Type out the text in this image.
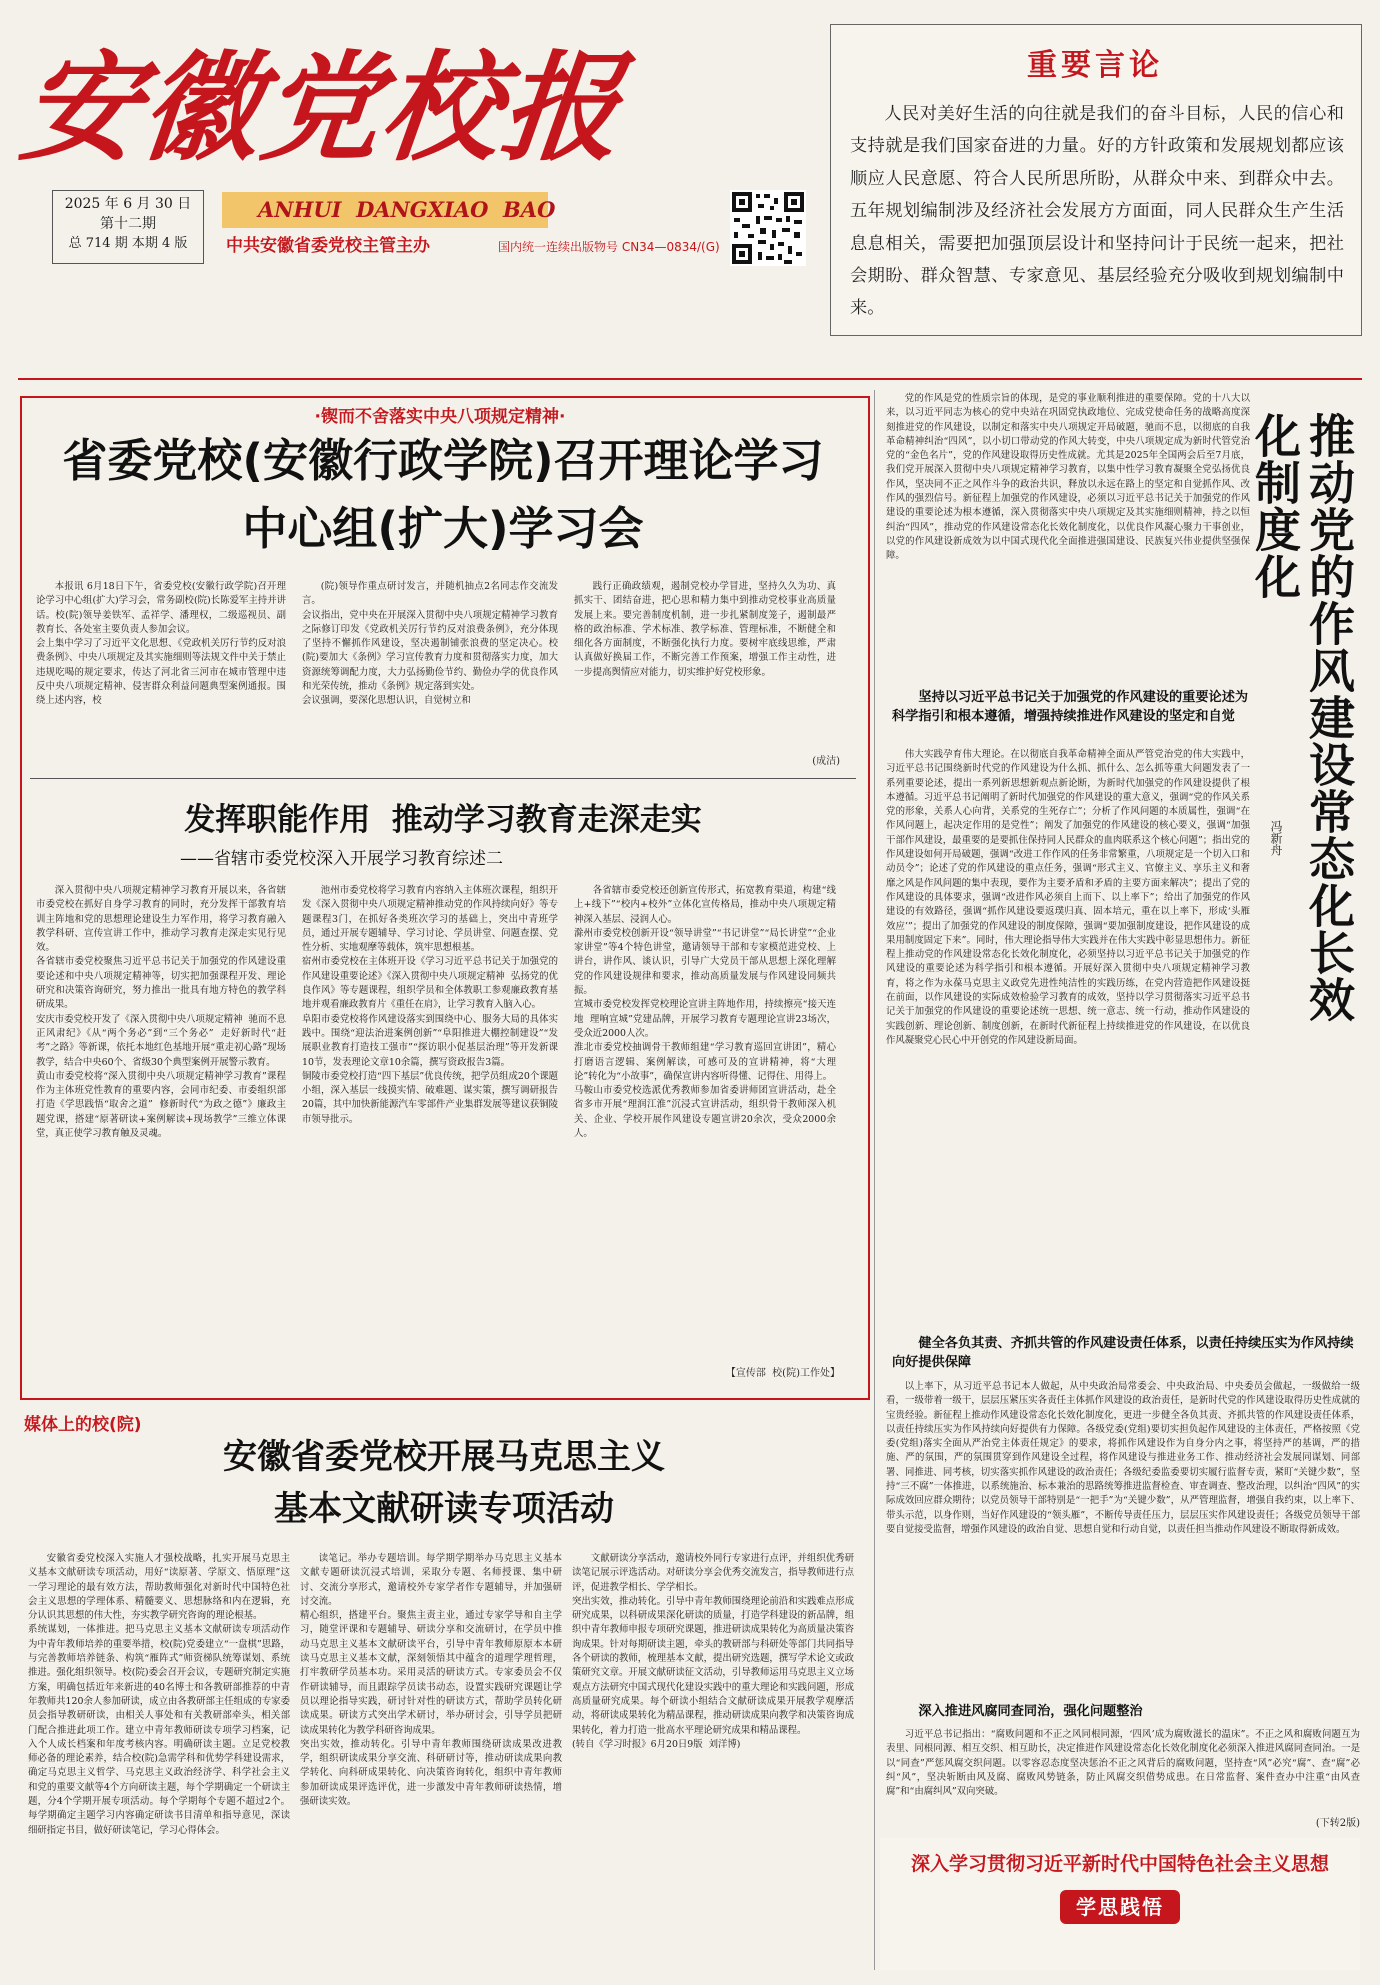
安徽党校报
2025 年 6 月 30 日
第十二期
总 714 期 本期 4 版
ANHUI  DANGXIAO  BAO
中共安徽省委党校主管主办	国内统一连续出版物号 CN34—0834/(G)
重要言论
人民对美好生活的向往就是我们的奋斗目标，人民的信心和支持就是我们国家奋进的力量。好的方针政策和发展规划都应该顺应人民意愿、符合人民所思所盼，从群众中来、到群众中去。五年规划编制涉及经济社会发展方方面面，同人民群众生产生活息息相关，需要把加强顶层设计和坚持问计于民统一起来，把社会期盼、群众智慧、专家意见、基层经验充分吸收到规划编制中来。
·锲而不舍落实中央八项规定精神·
省委党校(安徽行政学院)召开理论学习
中心组(扩大)学习会
本报讯 6月18日下午，省委党校(安徽行政学院)召开理论学习中心组(扩大)学习会，常务副校(院)长陈爱军主持并讲话。校(院)领导姜铁军、孟祥学、潘理权，二级巡视员、副教育长、各处室主要负责人参加会议。
会上集中学习了习近平文化思想、《党政机关厉行节约反对浪费条例》、中央八项规定及其实施细则等法规文件中关于禁止违规吃喝的规定要求，传达了河北省三河市在城市管理中违反中央八项规定精神、侵害群众利益问题典型案例通报。围绕上述内容，校
(院)领导作重点研讨发言，并随机抽点2名同志作交流发言。
会议指出，党中央在开展深入贯彻中央八项规定精神学习教育之际修订印发《党政机关厉行节约反对浪费条例》，充分体现了坚持不懈抓作风建设，坚决遏制铺张浪费的坚定决心。校(院)要加大《条例》学习宣传教育力度和贯彻落实力度，加大资源统筹调配力度，大力弘扬勤俭节约、勤俭办学的优良作风和光荣传统，推动《条例》规定落到实处。
会议强调，要深化思想认识，自觉树立和
践行正确政绩观，遏制党校办学冒进，坚持久久为功、真抓实干、团结奋进，把心思和精力集中到推动党校事业高质量发展上来。要完善制度机制，进一步扎紧制度笼子，遏制最严格的政治标准、学术标准、教学标准、管理标准，不断健全和细化各方面制度，不断强化执行力度。要树牢底线思维，严肃认真做好换届工作，不断完善工作预案，增强工作主动性，进一步提高舆情应对能力，切实维护好党校形象。
(成洁)
发挥职能作用  推动学习教育走深走实
——省辖市委党校深入开展学习教育综述二
深入贯彻中央八项规定精神学习教育开展以来，各省辖市委党校在抓好自身学习教育的同时，充分发挥干部教育培训主阵地和党的思想理论建设生力军作用，将学习教育融入教学科研、宣传宣讲工作中，推动学习教育走深走实见行见效。
各省辖市委党校聚焦习近平总书记关于加强党的作风建设重要论述和中央八项规定精神等，切实把加强课程开发、理论研究和决策咨询研究，努力推出一批具有地方特色的教学科研成果。
安庆市委党校开发了《深入贯彻中央八项规定精神  驰而不息正风肃纪》《从“两个务必”到“三个务必”  走好新时代“赶考”之路》等新课，依托本地红色基地开展“重走初心路”现场教学，结合中央60个、省级30个典型案例开展警示教育。
黄山市委党校将“深入贯彻中央八项规定精神学习教育”课程作为主体班党性教育的重要内容，会同市纪委、市委组织部打造《学思践悟“取舍之道”  修新时代“为政之德”》廉政主题党课，搭建“原著研读+案例解读+现场教学”三维立体课堂，真正使学习教育触及灵魂。
池州市委党校将学习教育内容纳入主体班次课程，组织开发《深入贯彻中央八项规定精神推动党的作风持续向好》等专题课程3门，在抓好各类班次学习的基础上，突出中青班学员，通过开展专题辅导、学习讨论、学员讲堂、问题查摆、党性分析、实地观摩等载体，筑牢思想根基。
宿州市委党校在主体班开设《学习习近平总书记关于加强党的作风建设重要论述》《深入贯彻中央八项规定精神  弘扬党的优良作风》等专题课程，组织学员和全体教职工参观廉政教育基地并观看廉政教育片《重任在肩》，让学习教育入脑入心。
阜阳市委党校将作风建设落实到围绕中心、服务大局的具体实践中。围绕“迎法治进案例创新”“阜阳推进大棚控制建设”“发展职业教育打造技工强市”“探访职小促基层治理”等开发新课10节，发表理论文章10余篇，撰写资政报告3篇。
铜陵市委党校打造“四下基层”优良传统，把学员组成20个课题小组，深入基层一线摸实情、破难题、谋实策，撰写调研报告20篇，其中加快新能源汽车零部件产业集群发展等建议获铜陵市领导批示。
各省辖市委党校还创新宣传形式，拓宽教育渠道，构建“线上+线下”“校内+校外”立体化宣传格局，推动中央八项规定精神深入基层、浸润人心。
滁州市委党校创新开设“领导讲堂”“书记讲堂”“局长讲堂”“企业家讲堂”等4个特色讲堂，邀请领导干部和专家模范进党校、上讲台，讲作风、谈认识，引导广大党员干部从思想上深化理解党的作风建设规律和要求，推动高质量发展与作风建设同频共振。
宣城市委党校发挥党校理论宣讲主阵地作用，持续擦亮“接天连地  理响宣城”党建品牌，开展学习教育专题理论宣讲23场次，受众近2000人次。
淮北市委党校抽调骨干教师组建“学习教育巡回宣讲团”，精心打磨语言逻辑、案例解读，可感可及的宣讲精神，将“大理论”转化为“小故事”，确保宣讲内容听得懂、记得住、用得上。
马鞍山市委党校选派优秀教师参加省委讲师团宣讲活动，赴全省多市开展“理润江淮”沉浸式宣讲活动，组织骨干教师深入机关、企业、学校开展作风建设专题宣讲20余次，受众2000余人。
【宣传部  校(院)工作处】
媒体上的校(院)
安徽省委党校开展马克思主义
基本文献研读专项活动
安徽省委党校深入实施人才强校战略，扎实开展马克思主义基本文献研读专项活动，用好“读原著、学原文、悟原理”这一学习理论的最有效方法，帮助教师强化对新时代中国特色社会主义思想的学理体系、精髓要义、思想脉络和内在逻辑，充分认识其思想的伟大性，夯实教学研究咨询的理论根基。
系统谋划，一体推进。把马克思主义基本文献研读专项活动作为中青年教师培养的重要举措，校(院)党委建立“一盘棋”思路，与完善教师培养链条、构筑“雁阵式”师资梯队统筹谋划、系统推进。强化组织领导。校(院)委会召开会议，专题研究制定实施方案，明确包括近年来新进的40名博士和各教研部推荐的中青年教师共120余人参加研读，成立由各教研部主任组成的专家委员会指导教研研读，由相关人事处和有关教研部牵头，相关部门配合推进此项工作。建立中青年教师研读专项学习档案，记入个人成长档案和年度考核内容。明确研读主题。立足党校教师必备的理论素养，结合校(院)急需学科和优势学科建设需求，确定马克思主义哲学、马克思主义政治经济学、科学社会主义和党的重要文献等4个方向研读主题，每个学期确定一个研读主题，分4个学期开展专项活动。每个学期每个专题不超过2个。每学期确定主题学习内容确定研读书目清单和指导意见，深读细研指定书目，做好研读笔记，学习心得体会。
读笔记。举办专题培训。每学期学期举办马克思主义基本文献专题研读沉浸式培训，采取分专题、名师授课、集中研讨、交流分享形式，邀请校外专家学者作专题辅导，并加强研讨交流。
精心组织，搭建平台。聚焦主责主业，通过专家学导和自主学习，随堂评课和专题辅导、研读分享和交流研讨，在学员中推动马克思主义基本文献研读平台，引导中青年教师原原本本研读马克思主义基本文献，深刻领悟其中蕴含的道理学理哲理，打牢教研学员基本功。采用灵活的研读方式。专家委员会不仅作研读辅导，而且跟踪学员读书动态，设置实践研究课题让学员以理论指导实践，研讨针对性的研读方式，帮助学员转化研读成果。研读方式突出学术研讨，举办研讨会，引导学员把研读成果转化为教学科研咨询成果。
突出实效，推动转化。引导中青年教师围绕研读成果改进教学，组织研读成果分享交流、科研研讨等，推动研读成果向教学转化、向科研成果转化、向决策咨询转化，组织中青年教师参加研读成果评选评优，进一步激发中青年教师研读热情，增强研读实效。
文献研读分享活动，邀请校外同行专家进行点评，并组织优秀研读笔记展示评选活动。对研读分享会优秀交流发言，指导教师进行点评，促进教学相长、学学相长。
突出实效，推动转化。引导中青年教师围绕理论前沿和实践难点形成研究成果，以科研成果深化研读的质量，打造学科建设的新品牌，组织中青年教师申报专项研究课题，推进研读成果转化为高质量决策咨询成果。针对每期研读主题，牵头的教研部与科研处等部门共同指导各个研读的教师，梳理基本文献，提出研究选题，撰写学术论文或政策研究文章。开展文献研读征文活动，引导教师运用马克思主义立场观点方法研究中国式现代化建设实践中的重大理论和实践问题，形成高质量研究成果。每个研读小组结合文献研读成果开展教学观摩活动，将研读成果转化为精品课程，推动研读成果向教学和决策咨询成果转化，着力打造一批高水平理论研究成果和精品课程。
(转自《学习时报》6月20日9版  刘洋博)
推动党的作风建设常态化长效化制度化
冯新舟
党的作风是党的性质宗旨的体现，是党的事业顺利推进的重要保障。党的十八大以来，以习近平同志为核心的党中央站在巩固党执政地位、完成党使命任务的战略高度深刻推进党的作风建设，以制定和落实中央八项规定开局破题，驰而不息，以彻底的自我革命精神纠治“四风”，以小切口带动党的作风大转变，中央八项规定成为新时代管党治党的“金色名片”，党的作风建设取得历史性成就。尤其是2025年全国两会后至7月底，我们党开展深入贯彻中央八项规定精神学习教育，以集中性学习教育凝聚全党弘扬优良作风，坚决同不正之风作斗争的政治共识，释放以永远在路上的坚定和自觉抓作风、改作风的强烈信号。新征程上加强党的作风建设，必须以习近平总书记关于加强党的作风建设的重要论述为根本遵循，深入贯彻落实中央八项规定及其实施细则精神，持之以恒纠治“四风”，推动党的作风建设常态化长效化制度化，以优良作风凝心聚力干事创业，以党的作风建设新成效为以中国式现代化全面推进强国建设、民族复兴伟业提供坚强保障。
坚持以习近平总书记关于加强党的作风建设的重要论述为科学指引和根本遵循，增强持续推进作风建设的坚定和自觉
伟大实践孕育伟大理论。在以彻底自我革命精神全面从严管党治党的伟大实践中，习近平总书记围绕新时代党的作风建设为什么抓、抓什么、怎么抓等重大问题发表了一系列重要论述，提出一系列新思想新观点新论断，为新时代加强党的作风建设提供了根本遵循。习近平总书记阐明了新时代加强党的作风建设的重大意义，强调“党的作风关系党的形象，关系人心向背，关系党的生死存亡”；分析了作风问题的本质属性，强调“在作风问题上，起决定作用的是党性”；阐发了加强党的作风建设的核心要义，强调“加强干部作风建设，最重要的是要抓住保持同人民群众的血肉联系这个核心问题”；指出党的作风建设如何开局破题，强调“改进工作作风的任务非常繁重，八项规定是一个切入口和动员令”；论述了党的作风建设的重点任务，强调“形式主义、官僚主义、享乐主义和奢靡之风是作风问题的集中表现，要作为主要矛盾和矛盾的主要方面来解决”；提出了党的作风建设的具体要求，强调“改进作风必须自上而下、以上率下”；给出了加强党的作风建设的有效路径，强调“抓作风建设要返璞归真、固本培元，重在以上率下，形成‘头雁效应’”；提出了加强党的作风建设的制度保障，强调“要加强制度建设，把作风建设的成果用制度固定下来”。同时，伟大理论指导伟大实践并在伟大实践中彰显思想伟力。新征程上推动党的作风建设常态化长效化制度化，必须坚持以习近平总书记关于加强党的作风建设的重要论述为科学指引和根本遵循。开展好深入贯彻中央八项规定精神学习教育，将之作为永葆马克思主义政党先进性纯洁性的实践历练，在党内营造把作风建设挺在前面，以作风建设的实际成效检验学习教育的成效，坚持以学习贯彻落实习近平总书记关于加强党的作风建设的重要论述统一思想、统一意志、统一行动，推动作风建设的实践创新、理论创新、制度创新，在新时代新征程上持续推进党的作风建设，在以优良作风凝聚党心民心中开创党的作风建设新局面。

健全各负其责、齐抓共管的作风建设责任体系，以责任持续压实为作风持续向好提供保障
以上率下，从习近平总书记本人做起，从中央政治局常委会、中央政治局、中央委员会做起，一级做给一级看，一级带着一级干，层层压紧压实各责任主体抓作风建设的政治责任，是新时代党的作风建设取得历史性成就的宝贵经验。新征程上推动作风建设常态化长效化制度化，更进一步健全各负其责、齐抓共管的作风建设责任体系，以责任持续压实为作风持续向好提供有力保障。各级党委(党组)要切实担负起作风建设的主体责任，严格按照《党委(党组)落实全面从严治党主体责任规定》的要求，将抓作风建设作为自身分内之事，将坚持严的基调，严的措施、严的氛围，严的氛围贯穿到作风建设全过程，将作风建设与推进业务工作、推动经济社会发展同谋划、同部署、同推进、同考核，切实落实抓作风建设的政治责任；各级纪委监委要切实履行监督专责，紧盯“关键少数”，坚持“三不腐”一体推进，以系统施治、标本兼治的思路统筹推进监督检查、审查调查、整改治理，以纠治“四风”的实际成效回应群众期待；以党员领导干部特别是“一把手”为“关键少数”，从严管理监督，增强自我约束，以上率下、带头示范，以身作则，当好作风建设的“领头雁”，不断传导责任压力，层层压实作风建设责任；各级党员领导干部要自觉接受监督，增强作风建设的政治自觉、思想自觉和行动自觉，以责任担当推动作风建设不断取得新成效。
深入推进风腐同查同治，强化问题整治
习近平总书记指出：“腐败问题和不正之风同根同源，‘四风’成为腐败滋长的温床”。不正之风和腐败问题互为表里、同根同源、相互交织、相互助长，决定推进作风建设常态化长效化制度化必须深入推进风腐同查同治。一是以“同查”严惩风腐交织问题。以零容忍态度坚决惩治不正之风背后的腐败问题，坚持查“风”必究“腐”、查“腐”必纠“风”，坚决斩断由风及腐、腐败风势链条，防止风腐交织借势成患。在日常监督、案件查办中注重“由风查腐”和“由腐纠风”双向突破。
(下转2版)
深入学习贯彻习近平新时代中国特色社会主义思想
学思践悟
